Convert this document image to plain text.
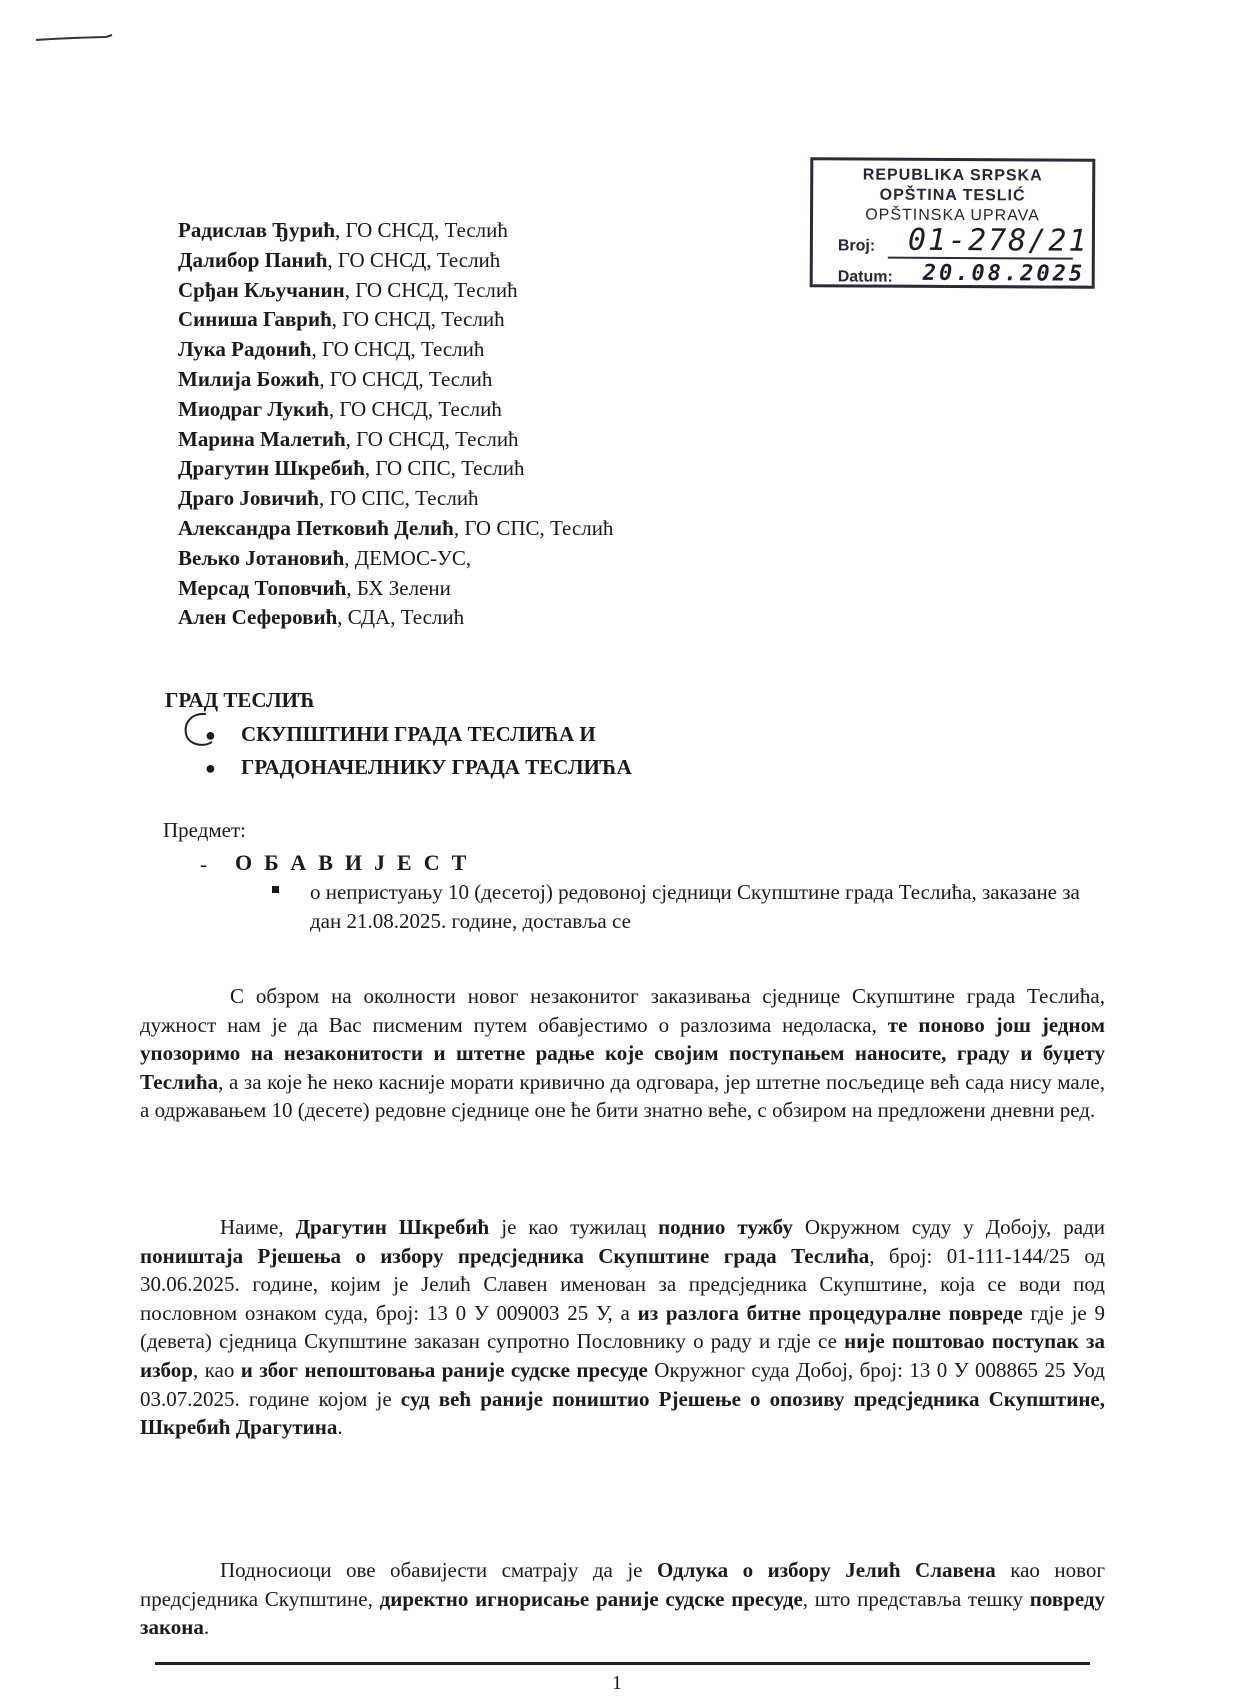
REPUBLIKA SRPSKA
OPŠTINA TESLIĆ
OPŠTINSKA UPRAVA
Broj: 01-278/21
Datum: 20.08.2025
Радислав Ђурић, ГО СНСД, Теслић
Далибор Панић, ГО СНСД, Теслић
Срђан Кључанин, ГО СНСД, Теслић
Синиша Гаврић, ГО СНСД, Теслић
Лука Радонић, ГО СНСД, Теслић
Милија Божић, ГО СНСД, Теслић
Миодраг Лукић, ГО СНСД, Теслић
Марина Малетић, ГО СНСД, Теслић
Драгутин Шкребић, ГО СПС, Теслић
Драго Јовичић, ГО СПС, Теслић
Александра Петковић Делић, ГО СПС, Теслић
Вељко Јотановић, ДЕМОС-УС,
Мерсад Топовчић, БХ Зелени
Ален Сеферовић, СДА, Теслић
ГРАД ТЕСЛИЋ
● СКУПШТИНИ ГРАДА ТЕСЛИЋА И
● ГРАДОНАЧЕЛНИКУ ГРАДА ТЕСЛИЋА
Предмет:
- ОБАВИЈЕСТ
о непристуању 10 (десетој) редовоној сједници Скупштине града Теслића, заказане за дан 21.08.2025. године, доставља се
С обзром на околности новог незаконитог заказивања сједнице Скупштине града Теслића, дужност нам је да Вас писменим путем обавјестимо о разлозима недоласка, те поново још једном упозоримо на незаконитости и штетне радње које својим поступањем наносите, граду и буџету Теслића, а за које ће неко касније морати кривично да одговара, јер штетне посљедице већ сада нису мале, а одржавањем 10 (десете) редовне сједнице оне ће бити знатно веће, с обзиром на предложени дневни ред.
Наиме, Драгутин Шкребић је као тужилац поднио тужбу Окружном суду у Добоју, ради поништаја Рјешења о избору предсједника Скупштине града Теслића, број: 01-111-144/25 од 30.06.2025. године, којим је Јелић Славен именован за предсједника Скупштине, која се води под пословном ознаком суда, број: 13 0 У 009003 25 У, а из разлога битне процедуралне повреде гдје је 9 (девета) сједница Скупштине заказан супротно Пословнику о раду и гдје се није поштовао поступак за избор, као и због непоштовања раније судске пресуде Окружног суда Добој, број: 13 0 У 008865 25 Уод 03.07.2025. године којом је суд већ раније поништио Рјешење о опозиву предсједника Скупштине, Шкребић Драгутина.
Подносиоци ове обавијести сматрају да је Одлука о избору Јелић Славена као новог предсједника Скупштине, директно игнорисање раније судске пресуде, што представља тешку повреду закона.
1
